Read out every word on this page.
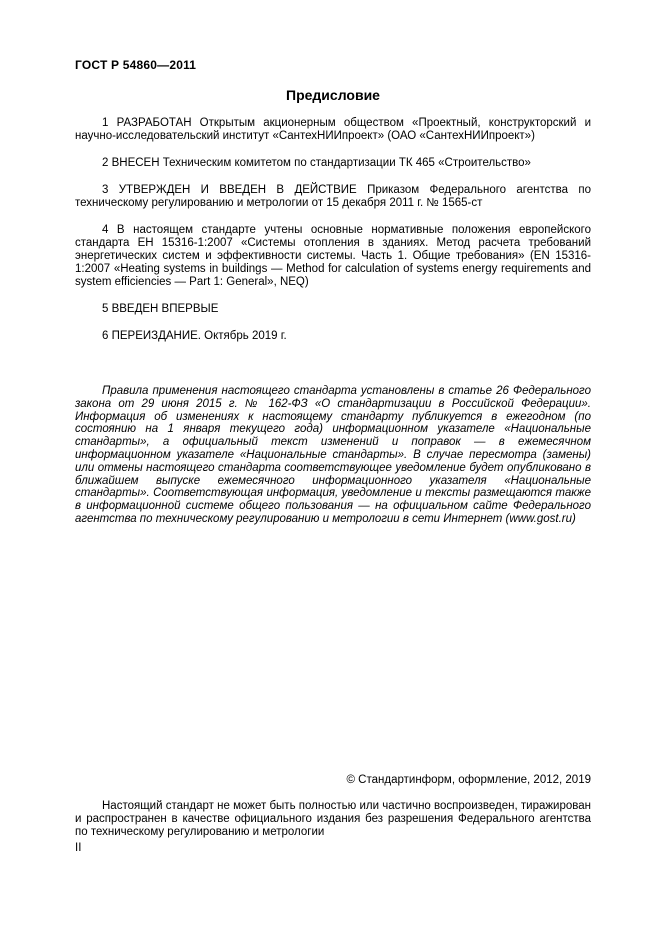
ГОСТ Р 54860—2011
Предисловие

1 РАЗРАБОТАН Открытым акционерным обществом «Проектный, конструкторский и научно-исследовательский институт «СантехНИИпроект» (ОАО «СантехНИИпроект»)

2 ВНЕСЕН Техническим комитетом по стандартизации ТК 465 «Строительство»

3 УТВЕРЖДЕН И ВВЕДЕН В ДЕЙСТВИЕ Приказом Федерального агентства по техническому регулированию и метрологии от 15 декабря 2011 г. № 1565-ст

4 В настоящем стандарте учтены основные нормативные положения европейского стандарта ЕН 15316-1:2007 «Системы отопления в зданиях. Метод расчета требований энергетических систем и эффективности системы. Часть 1. Общие требования» (EN 15316-1:2007 «Heating systems in buildings — Method for calculation of systems energy requirements and system efficiencies — Part 1: General», NEQ)

5 ВВЕДЕН ВПЕРВЫЕ

6 ПЕРЕИЗДАНИЕ. Октябрь 2019 г.

Правила применения настоящего стандарта установлены в статье 26 Федерального закона от 29 июня 2015 г. № 162-ФЗ «О стандартизации в Российской Федерации». Информация об изменениях к настоящему стандарту публикуется в ежегодном (по состоянию на 1 января текущего года) информационном указателе «Национальные стандарты», а официальный текст изменений и поправок — в ежемесячном информационном указателе «Национальные стандарты». В случае пересмотра (замены) или отмены настоящего стандарта соответствующее уведомление будет опубликовано в ближайшем выпуске ежемесячного информационного указателя «Национальные стандарты». Соответствующая информация, уведомление и тексты размещаются также в информационной системе общего пользования — на официальном сайте Федерального агентства по техническому регулированию и метрологии в сети Интернет (www.gost.ru)

© Стандартинформ, оформление, 2012, 2019

Настоящий стандарт не может быть полностью или частично воспроизведен, тиражирован и распространен в качестве официального издания без разрешения Федерального агентства по техническому регулированию и метрологии

II
